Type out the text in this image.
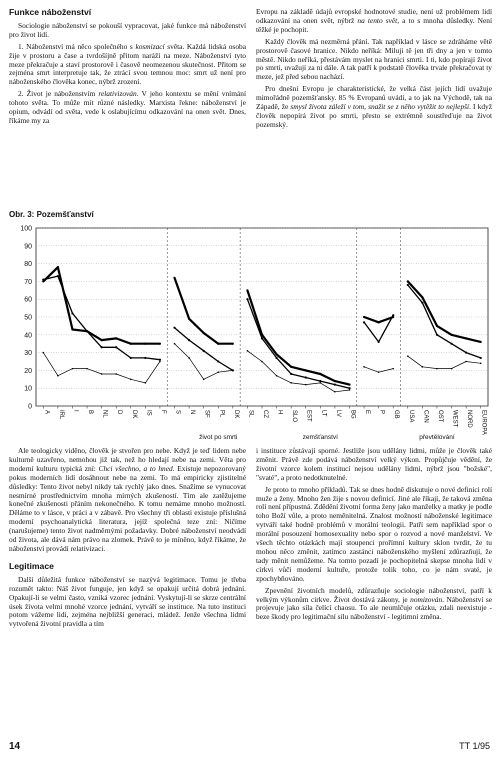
Funkce náboženství

Sociologie náboženství se pokouší vypracovat, jaké funkce má náboženství pro život lidí.

1. Náboženství má něco společného s kosmizací světa. Každá lidská osoba žije v prostoru a čase a tvrdošíjně přitom naráží na meze. Náboženství tyto meze překračuje a staví prostorově i časově neomezenou skutečnost. Přitom se zejména smrt interpretuje tak, že ztrácí svou temnou moc: smrt už není pro náboženského člověka konec, nýbrž zrození.

2. Život je náboženstvím relativizován. V jeho kontextu se mění vnímání tohoto světa. To může mít různé následky. Marxista řekne: náboženství je opium, odvádí od světa, vede k oslabujícímu odkazování na onen svět. Dnes, říkáme my za

Evropu na základě údajů evropské hodnotové studie, není už problémem lidí odkazování na onen svět, nýbrž na tento svět, a to s mnoha důsledky. Není těžké je pochopit.

Každý člověk má nezměrná přání. Tak například v lásce se zdráháme větě prostorově časové hranice. Nikdo neříká: Miluji tě jen tři dny a jen v tomto městě. Nikdo neříká, přestávám myslet na hranici smrti. I ti, kdo popírají život po smrti, uvažují za ni dále. A tak patří k podstatě člověka trvale překračovat ty meze, jež před sebou nachází.

Pro dnešní Evropu je charakteristické, že velká část jejích lidí uvažuje mimořádně pozemšťansky. 85 % Evropanů uvádí, a to jak na Východě, tak na Západě, že smysl života záleží v tom, snažit se z něho vytěžit to nejlepší. I když člověk nepopírá život po smrti, přesto se extrémně soustřeďuje na život pozemský.

Obr. 3: Pozemšťanství
0
10
20
30
40
50
60
70
80
90
100
A IRL I B NL D DK IS F S N SF PL DK SL CZ H SLO EST LT LV BG E P GB USA CAN OST WEST NORD EUROPA
život po smrti	zemšťanství	převtělování

Ale teologicky viděno, člověk je stvořen pro nebe. Když je teď lidem nebe kulturně uzavřeno, nemohou již tak, než ho hledají nebe na zemi. Věta pro moderní kulturu typická zní: Chci všechno, a to hned. Existuje nepozorovaný pokus moderních lidí dosáhnout nebe na zemi. To má empiricky zjistitelné důsledky: Tento život nebyl nikdy tak rychlý jako dnes. Snažíme se vynucovat nesmírné prostřednictvím mnoha mírných zkušeností. Tím ale zatěžujeme konečné zkušenosti přáním nekonečného. K tomu nemáme mnoho možností. Děláme to v lásce, v práci a v zábavě. Pro všechny tři oblasti existuje příslušná moderní psychoanalytická literatura, jejíž společná teze zní: Ničíme (narušujeme) tento život nadměrnými požadavky. Dobré náboženství neodvádí od života, ale dává nám právo na zlomek. Právě to je míněno, když říkáme, že náboženství provádí relativizaci.

Legitimace

Další důležitá funkce náboženství se nazývá legitimace. Tomu je třeba rozumět takto: Náš život funguje, jen když se opakují určitá dobrá jednání. Opakují-li se velmi často, vzniká vzorec jednání. Vyskytují-li se skrze centrální úsek života velmi mnohé vzorce jednání, vytváří se instituce. Na tuto instituci potom vážeme lidi, zejména nejbližší generaci, mládež. Jenže všechna lidmi vytvořená životní pravidla a tím

i instituce zůstávají sporné. Jestliže jsou udělány lidmi, může je člověk také změnit. Právě zde podává náboženství velký výkon. Propůjčuje vědění, že životní vzorce kolem institucí nejsou udělány lidmi, nýbrž jsou "božské", "svaté", a proto nedotknutelné.

Je proto to mnoho příkladů. Tak se dnes hodně diskutuje o nové definici rolí muže a ženy. Mnoho žen žije s novou definicí. Jiné ale říkají, že taková změna rolí není přípustná. Zdědění životní forma ženy jako manželky a matky je podle toho Boží vůle, a proto neměnitelná. Znalost možností náboženské legitimace vytváří také hodně problémů v morální teologii. Patří sem například spor o morální posouzení homosexuality nebo spor o rozvod a nové manželství. Ve všech těchto otázkách mají stoupenci prořímní kultury sklon tvrdit, že tu mohou něco změnit, zatímco zastánci náboženského myšlení zdůrazňují, že tady měnit nemůžeme. Na tomto pozadí je pochopitelná skepse mnoha lidí v církvi vůči moderní kultuře, protože tolik toho, co je nám svaté, je zpochybňováno.

Zpevnění životních modelů, zdůrazňuje sociologie náboženství, patří k velkým výkonům církve. Život dostává zákony, je nomizován. Náboženství se projevuje jako síla čelící chaosu. To ale neumlčuje otázku, zdali neexistuje - beze škody pro legitimační sílu náboženství - legitimní změna.

14	TT 1/95
